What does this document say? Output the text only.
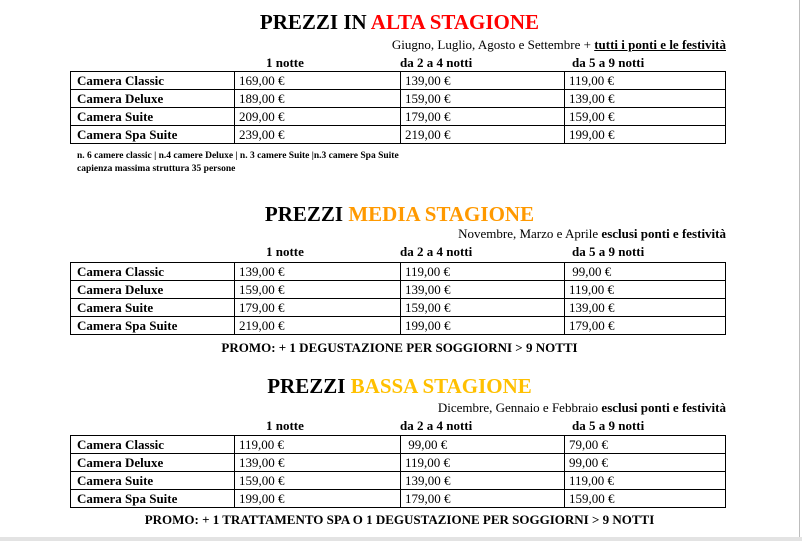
PREZZI IN ALTA STAGIONE
Giugno, Luglio, Agosto e Settembre + tutti i ponti e le festività
1 notte	da 2 a 4 notti	da 5 a 9 notti
Camera Classic	169,00 €	139,00 €	119,00 €
Camera Deluxe	189,00 €	159,00 €	139,00 €
Camera Suite	209,00 €	179,00 €	159,00 €
Camera Spa Suite	239,00 €	219,00 €	199,00 €
n. 6 camere classic | n.4 camere Deluxe | n. 3 camere Suite |n.3 camere Spa Suite
capienza massima struttura 35 persone
PREZZI MEDIA STAGIONE
Novembre, Marzo e Aprile esclusi ponti e festività
1 notte	da 2 a 4 notti	da 5 a 9 notti
Camera Classic	139,00 €	119,00 €	99,00 €
Camera Deluxe	159,00 €	139,00 €	119,00 €
Camera Suite	179,00 €	159,00 €	139,00 €
Camera Spa Suite	219,00 €	199,00 €	179,00 €
PROMO: + 1 DEGUSTAZIONE PER SOGGIORNI > 9 NOTTI
PREZZI BASSA STAGIONE
Dicembre, Gennaio e Febbraio esclusi ponti e festività
1 notte	da 2 a 4 notti	da 5 a 9 notti
Camera Classic	119,00 €	99,00 €	79,00 €
Camera Deluxe	139,00 €	119,00 €	99,00 €
Camera Suite	159,00 €	139,00 €	119,00 €
Camera Spa Suite	199,00 €	179,00 €	159,00 €
PROMO: + 1 TRATTAMENTO SPA O 1 DEGUSTAZIONE PER SOGGIORNI > 9 NOTTI
